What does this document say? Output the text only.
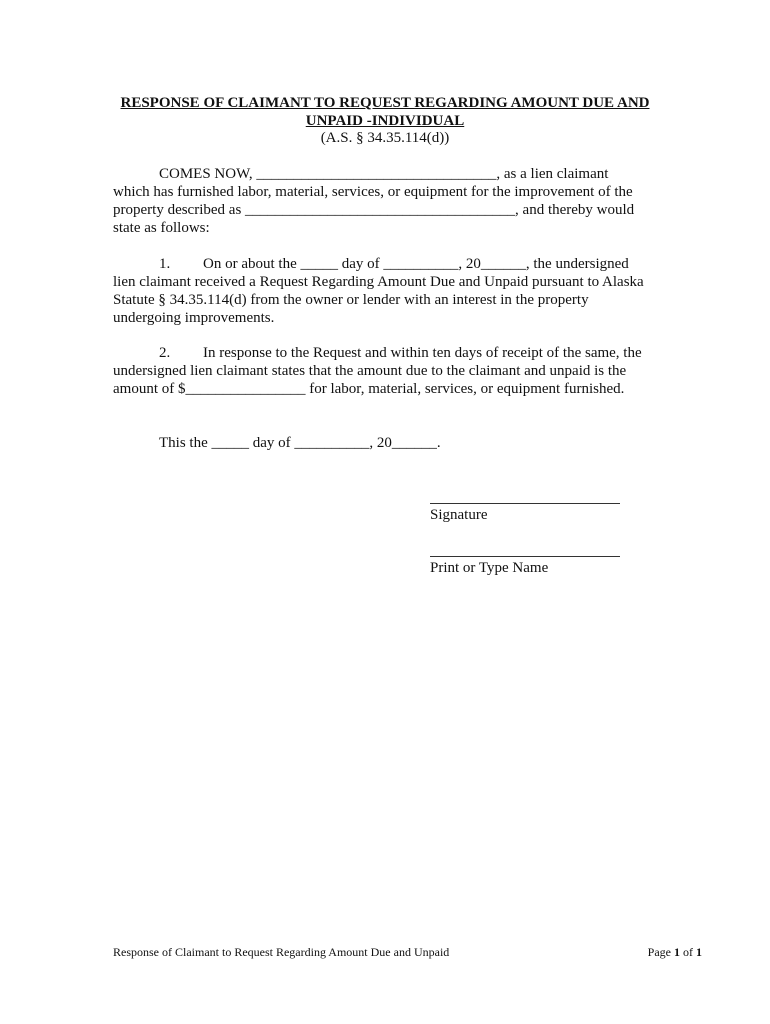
RESPONSE OF CLAIMANT TO REQUEST REGARDING AMOUNT DUE AND
UNPAID -INDIVIDUAL
(A.S. § 34.35.114(d))
COMES NOW, ________________________________, as a lien claimant
which has furnished labor, material, services, or equipment for the improvement of the
property described as ____________________________________, and thereby would
state as follows:
1. On or about the _____ day of __________, 20______, the undersigned
lien claimant received a Request Regarding Amount Due and Unpaid pursuant to Alaska
Statute § 34.35.114(d) from the owner or lender with an interest in the property
undergoing improvements.
2. In response to the Request and within ten days of receipt of the same, the
undersigned lien claimant states that the amount due to the claimant and unpaid is the
amount of $________________ for labor, material, services, or equipment furnished.
This the _____ day of __________, 20______.
Signature
Print or Type Name
Response of Claimant to Request Regarding Amount Due and Unpaid	Page 1 of 1
